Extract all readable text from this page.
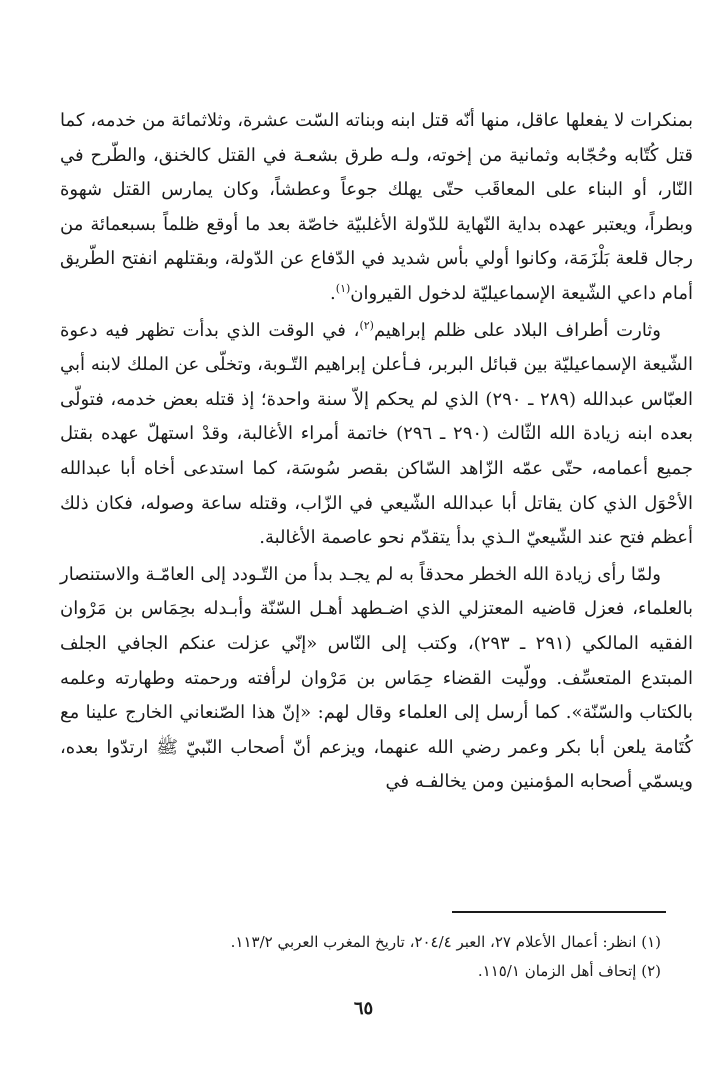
بمنكرات لا يفعلها عاقل، منها أنّه قتل ابنه وبناته السّت عشرة، وثلاثمائة من خدمه، كما قتل كُتّابه وحُجّابه وثمانية من إخوته، ولـه طرق بشعـة في القتل كالخنق، والطّرح في النّار، أو البناء على المعاقَب حتّى يهلك جوعاً وعطشاً، وكان يمارس القتل شهوة وبطراً، ويعتبر عهده بداية النّهاية للدّولة الأغلبيّة خاصّة بعد ما أوقع ظلماً بسبعمائة من رجال قلعة بَلْزَمَة، وكانوا أولي بأس شديد في الدّفاع عن الدّولة، وبقتلهم انفتح الطّريق أمام داعي الشّيعة الإسماعيليّة لدخول القيروان$^{(١)}$.

وثارت أطراف البلاد على ظلم إبراهيم$^{(٢)}$، في الوقت الذي بدأت تظهر فيه دعوة الشّيعة الإسماعيليّة بين قبائل البربر، فـأعلن إبراهيم التّـوبة، وتخلّى عن الملك لابنه أبي العبّاس عبدالله (٢٨٩ ـ ٢٩٠) الذي لم يحكم إلاّ سنة واحدة؛ إذ قتله بعض خدمه، فتولّى بعده ابنه زيادة الله الثّالث (٢٩٠ ـ ٢٩٦) خاتمة أمراء الأغالبة، وقدْ استهلّ عهده بقتل جميع أعمامه، حتّى عمّه الزّاهد السّاكن بقصر سُوسَة، كما استدعى أخاه أبا عبدالله الأحْوَل الذي كان يقاتل أبا عبدالله الشّيعي في الزّاب، وقتله ساعة وصوله، فكان ذلك أعظم فتح عند الشّيعيّ الـذي بدأ يتقدّم نحو عاصمة الأغالبة.

ولمّا رأى زيادة الله الخطر محدقاً به لم يجـد بدأ من التّـودد إلى العامّـة والاستنصار بالعلماء، فعزل قاضيه المعتزلي الذي اضـطهد أهـل السّنّة وأبـدله بحِمَاس بن مَرْوان الفقيه المالكي (٢٩١ ـ ٢٩٣)، وكتب إلى النّاس «إنّي عزلت عنكم الجافي الجلف المبتدع المتعسِّف. وولّيت القضاء حِمَاس بن مَرْوان لرأفته ورحمته وطهارته وعلمه بالكتاب والسّنّة». كما أرسل إلى العلماء وقال لهم: «إنّ هذا الصّنعاني الخارج علينا مع كُتَامة يلعن أبا بكر وعمر رضي الله عنهما، ويزعم أنّ أصحاب النّبيّ ﷺ ارتدّوا بعده، ويسمّي أصحابه المؤمنين ومن يخالفـه في

(١) انظر: أعمال الأعلام ٢٧، العبر ٢٠٤/٤، تاريخ المغرب العربي ١١٣/٢.

(٢) إتحاف أهل الزمان ١١٥/١.

٦٥
